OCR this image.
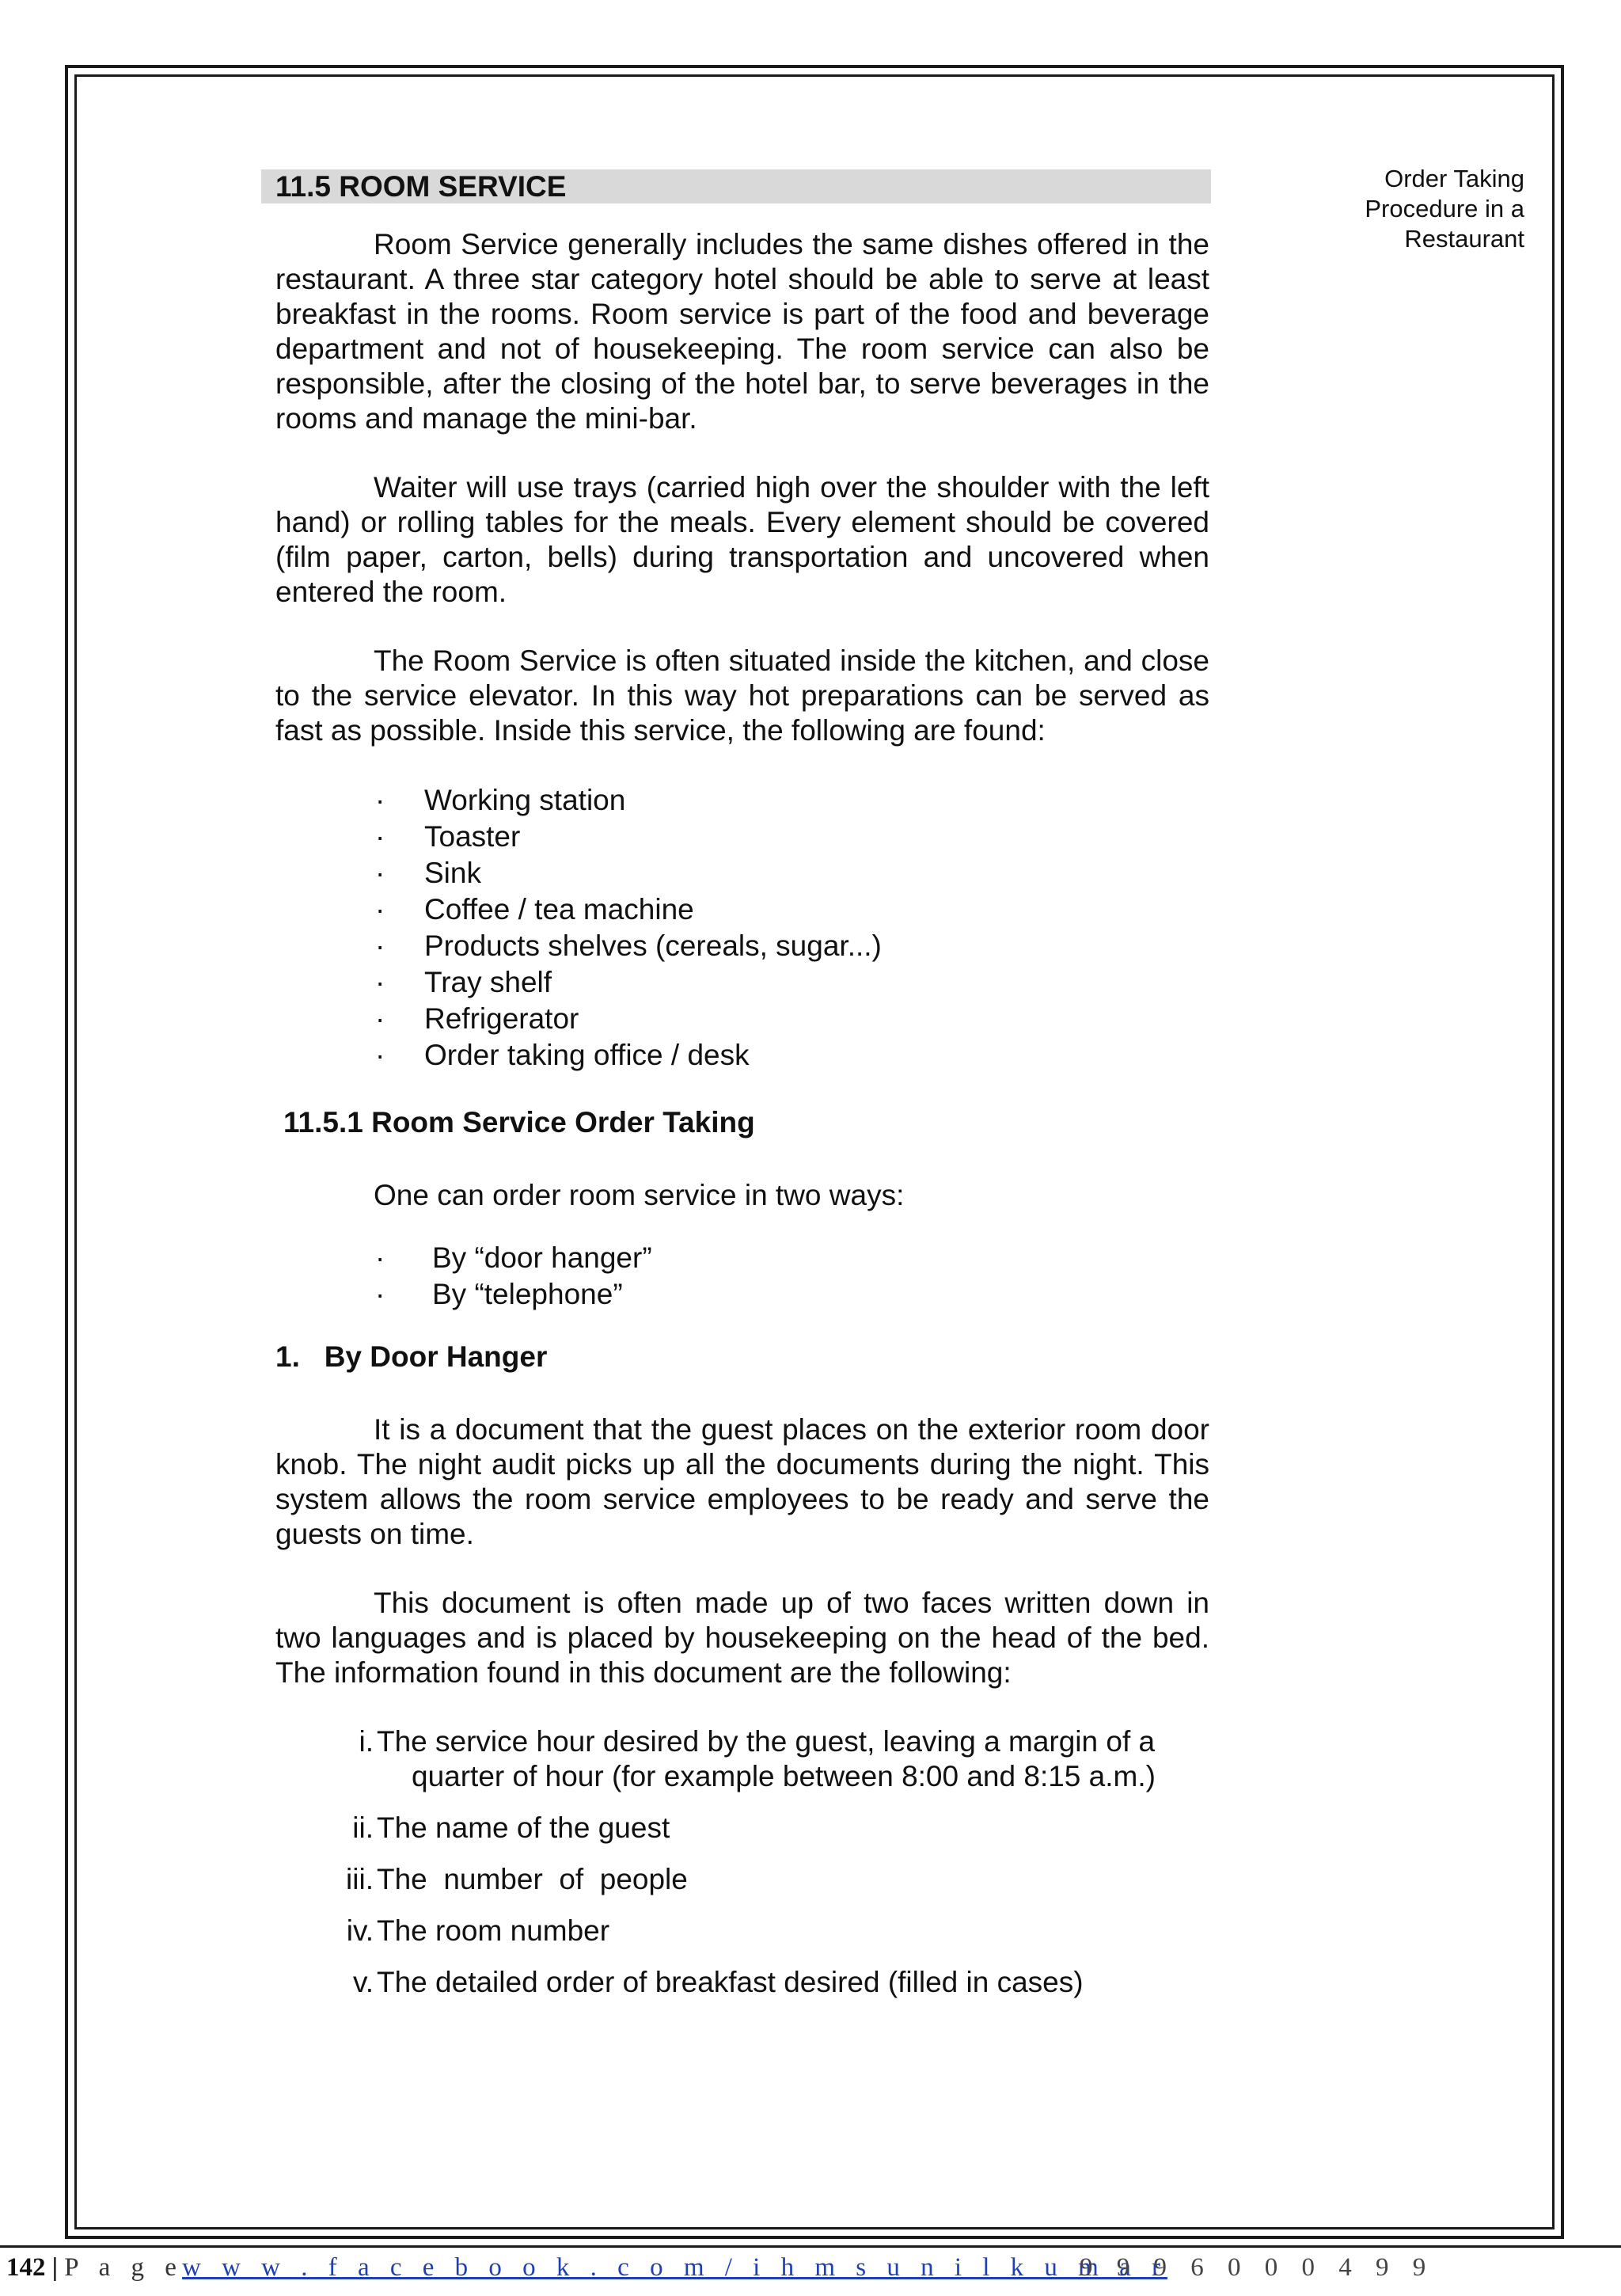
Order Taking
Procedure in a
Restaurant
11.5 ROOM SERVICE

Room Service generally includes the same dishes offered in the restaurant. A three star category hotel should be able to serve at least breakfast in the rooms. Room service is part of the food and beverage department and not of housekeeping. The room service can also be responsible, after the closing of the hotel bar, to serve beverages in the rooms and manage the mini-bar.

Waiter will use trays (carried high over the shoulder with the left hand) or rolling tables for the meals. Every element should be covered (film paper, carton, bells) during transportation and uncovered when entered the room.

The Room Service is often situated inside the kitchen, and close to the service elevator. In this way hot preparations can be served as fast as possible. Inside this service, the following are found:

· Working station
· Toaster
· Sink
· Coffee / tea machine
· Products shelves (cereals, sugar...)
· Tray shelf
· Refrigerator
· Order taking office / desk
11.5.1 Room Service Order Taking

One can order room service in two ways:

· By “door hanger”
· By “telephone”
1.   By Door Hanger

It is a document that the guest places on the exterior room door knob. The night audit picks up all the documents during the night. This system allows the room service employees to be ready and serve the guests on time.

This document is often made up of two faces written down in two languages and is placed by housekeeping on the head of the bed. The information found in this document are the following:

i. The service hour desired by the guest, leaving a margin of a
quarter of hour (for example between 8:00 and 8:15 a.m.)
ii. The name of the guest
iii. The  number  of  people
iv. The room number
v. The detailed order of breakfast desired (filled in cases)
142 | P a g e
w w w . f a c e b o o k . c o m / i h m s u n i l k u m a r
9 9 9 6 0 0 0 4 9 9
